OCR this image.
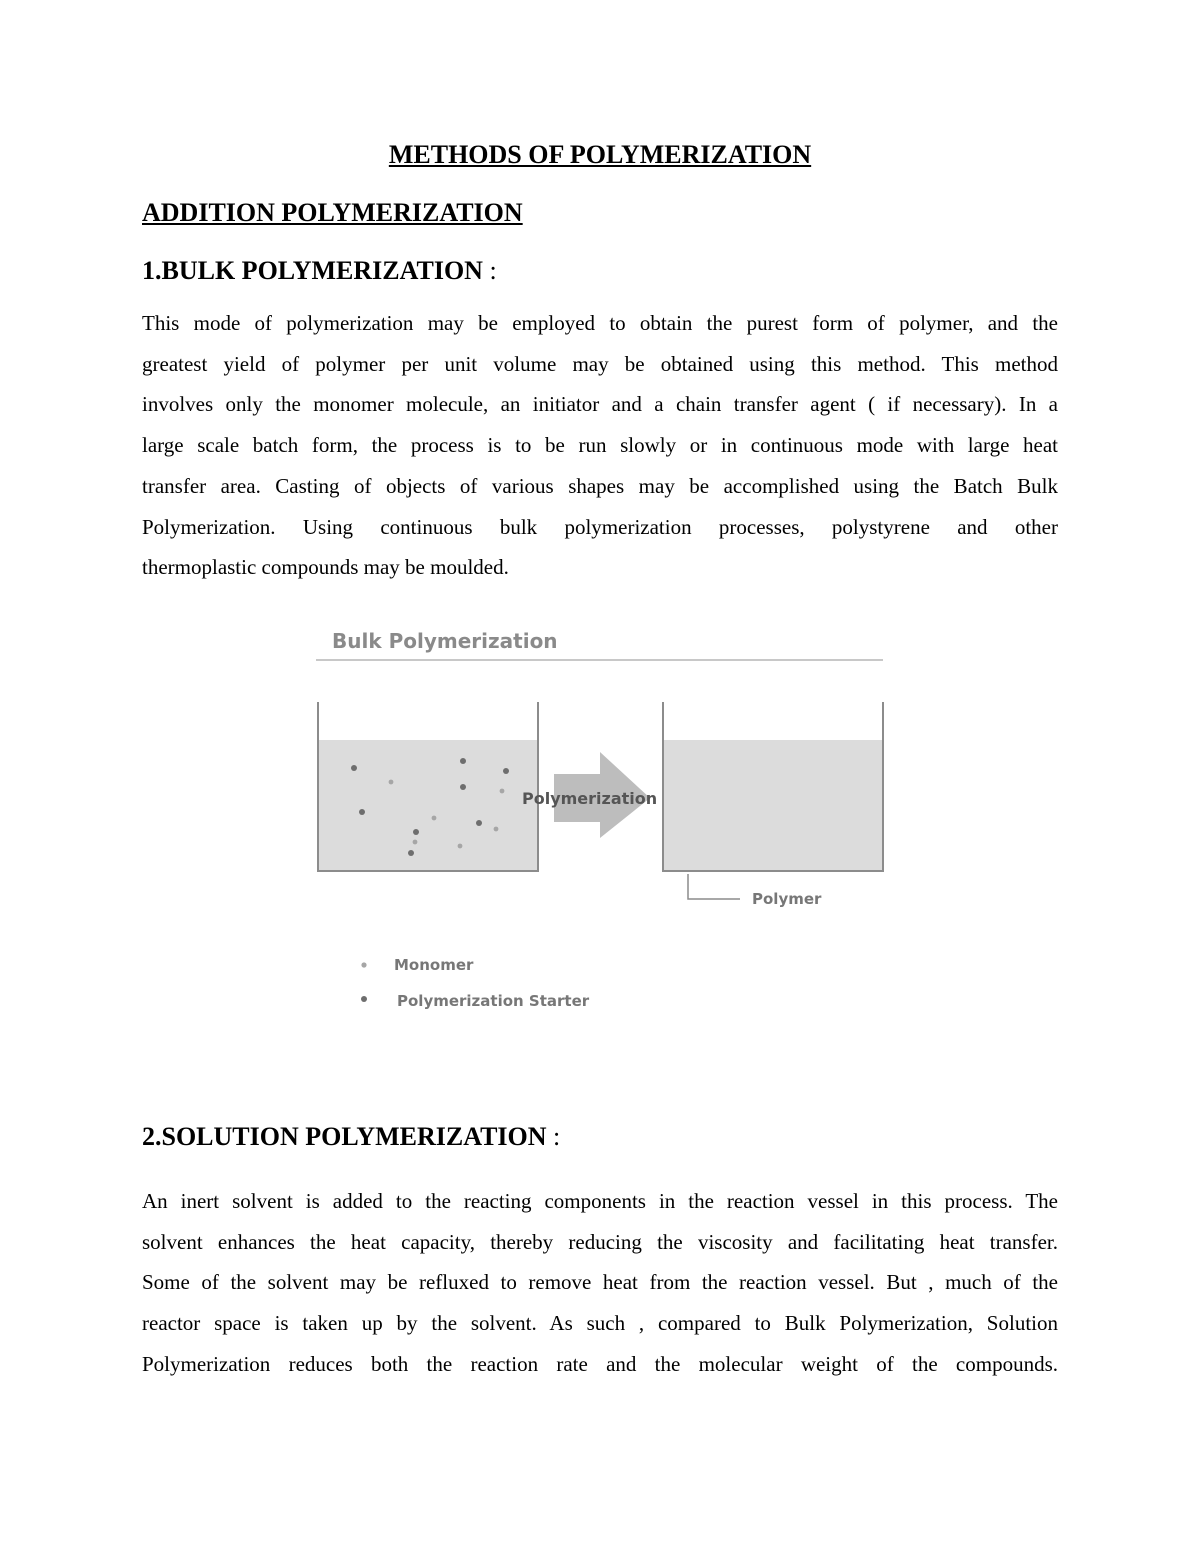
METHODS OF POLYMERIZATION
ADDITION POLYMERIZATION
1.BULK POLYMERIZATION :
This mode of polymerization may be employed to obtain the purest form of polymer, and the
greatest yield of polymer per unit volume may be obtained using this method. This method
involves only the monomer molecule, an initiator and a chain transfer agent ( if necessary). In a
large scale batch form, the process is to be run slowly or in continuous mode with large heat
transfer area. Casting of objects of various shapes may be accomplished using the Batch Bulk
Polymerization. Using continuous bulk polymerization processes, polystyrene and other
thermoplastic compounds may be moulded.
Bulk Polymerization
Polymerization
Polymer
Monomer
Polymerization Starter
2.SOLUTION POLYMERIZATION :
An inert solvent is added to the reacting components in the reaction vessel in this process. The
solvent enhances the heat capacity, thereby reducing the viscosity and facilitating heat transfer.
Some of the solvent may be refluxed to remove heat from the reaction vessel. But , much of the
reactor space is taken up by the solvent. As such , compared to Bulk Polymerization, Solution
Polymerization reduces both the reaction rate and the molecular weight of the compounds.
